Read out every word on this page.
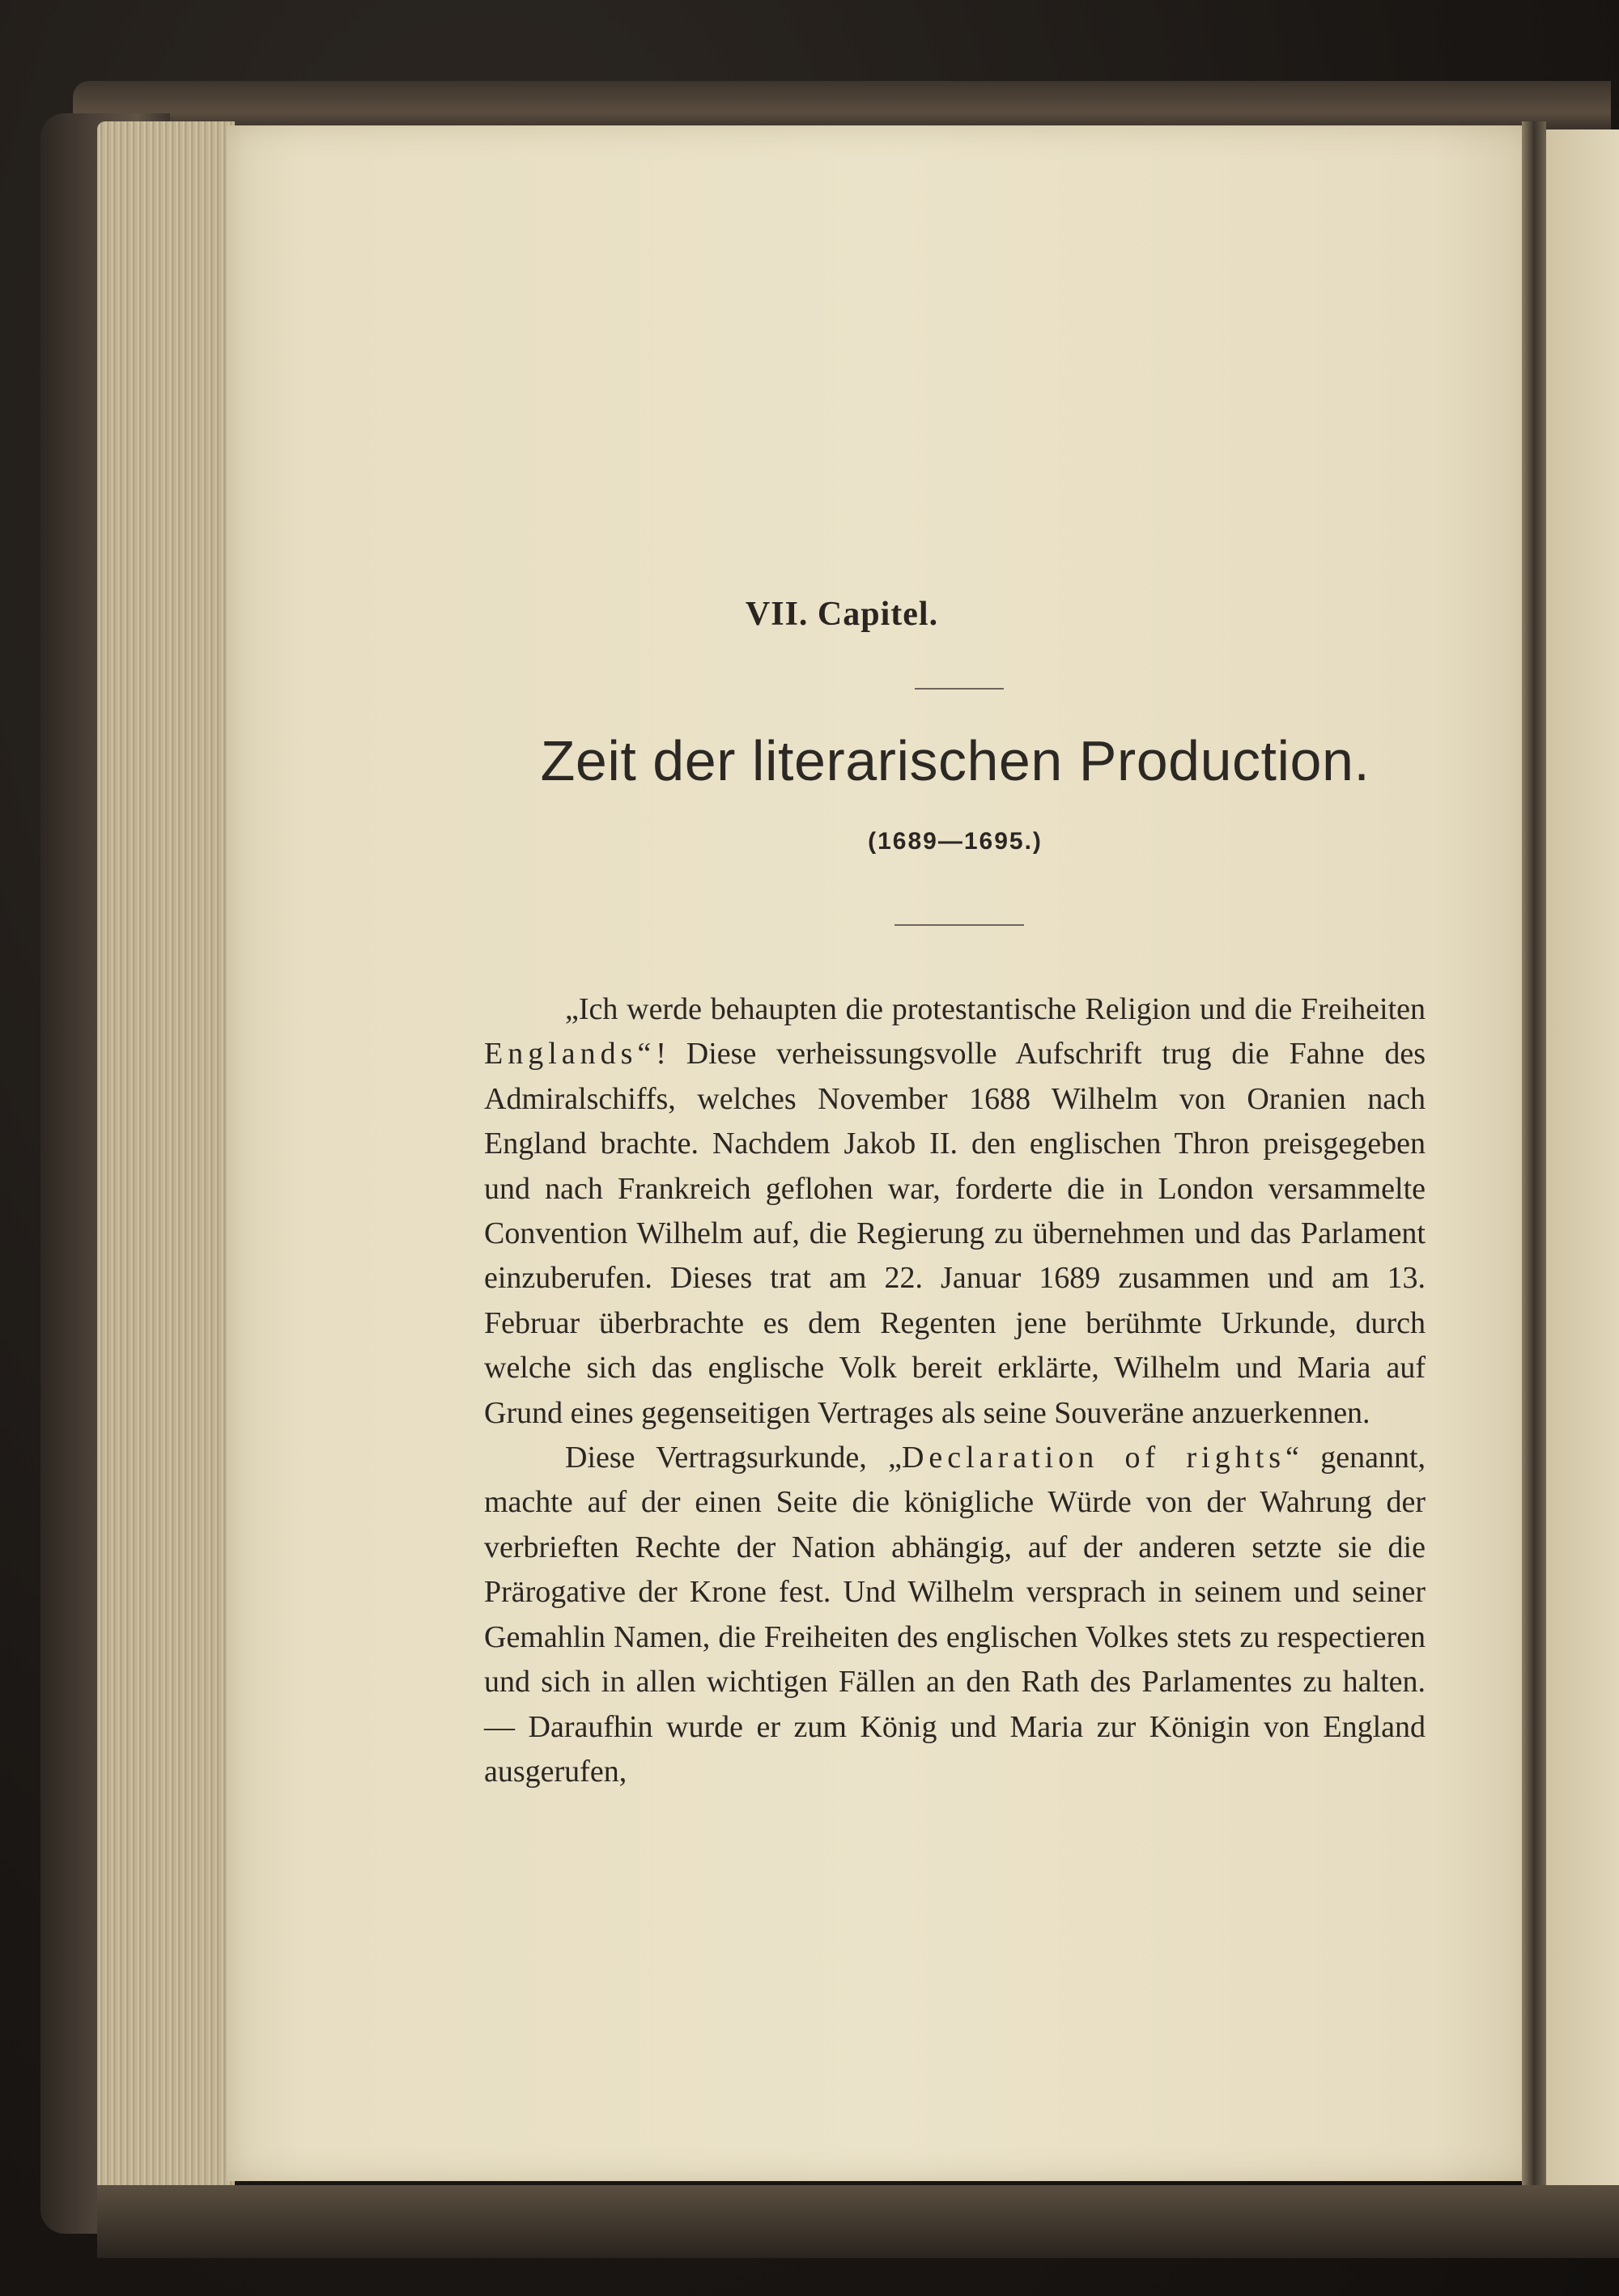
VII. Capitel.
Zeit der literarischen Production.
(1689—1695.)

„Ich werde behaupten die protestantische Religion und die Freiheiten Englands“! Diese verheissungsvolle Aufschrift trug die Fahne des Admiralschiffs, welches November 1688 Wilhelm von Oranien nach England brachte. Nachdem Jakob II. den englischen Thron preisgegeben und nach Frankreich geflohen war, forderte die in London versammelte Convention Wilhelm auf, die Regierung zu übernehmen und das Parlament einzuberufen. Dieses trat am 22. Januar 1689 zusammen und am 13. Februar überbrachte es dem Regenten jene berühmte Urkunde, durch welche sich das englische Volk bereit erklärte, Wilhelm und Maria auf Grund eines gegenseitigen Vertrages als seine Souveräne anzuerkennen.

Diese Vertragsurkunde, „Declaration of rights“ genannt, machte auf der einen Seite die königliche Würde von der Wahrung der verbrieften Rechte der Nation abhängig, auf der anderen setzte sie die Prärogative der Krone fest. Und Wilhelm versprach in seinem und seiner Gemahlin Namen, die Freiheiten des englischen Volkes stets zu respectieren und sich in allen wichtigen Fällen an den Rath des Parlamentes zu halten. — Daraufhin wurde er zum König und Maria zur Königin von England ausgerufen,
